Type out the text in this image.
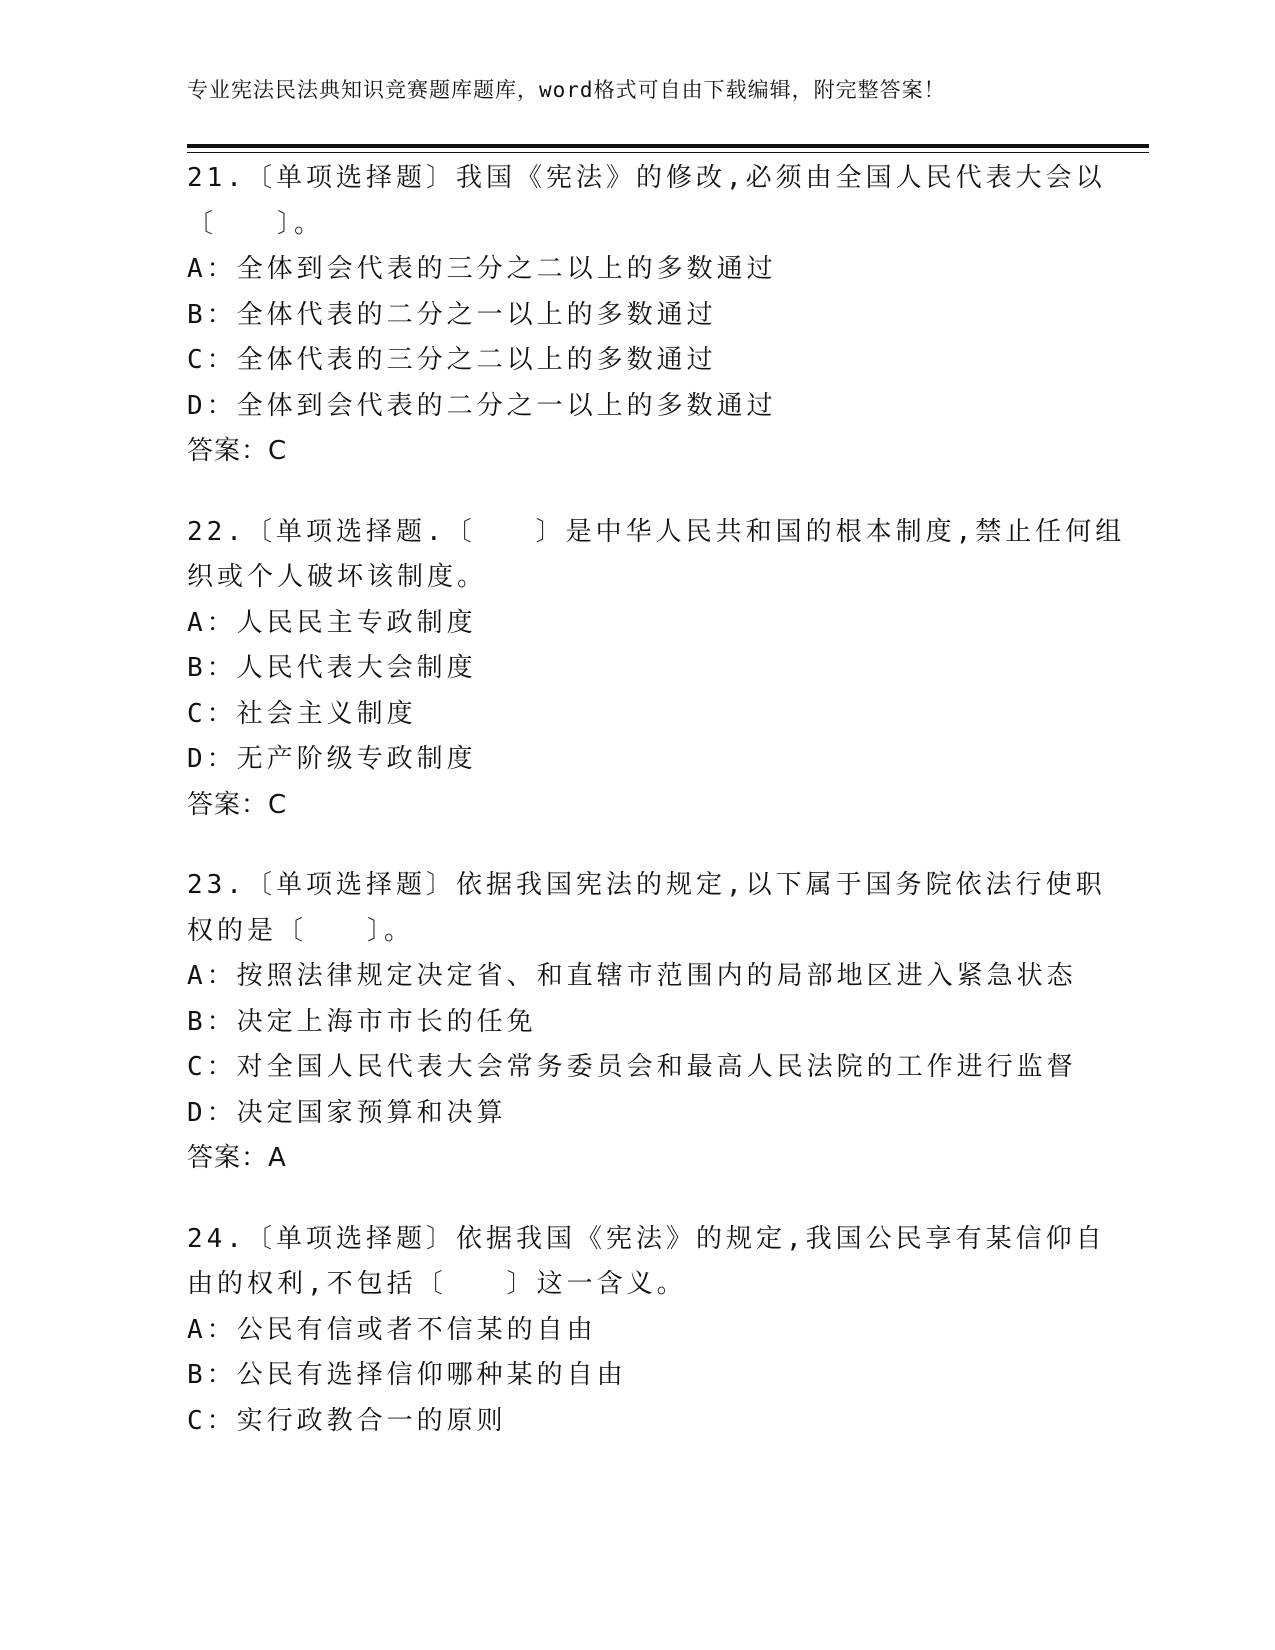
专业宪法民法典知识竞赛题库题库，word格式可自由下载编辑，附完整答案！
21.〔单项选择题〕我国《宪法》的修改,必须由全国人民代表大会以
〔　　〕。
A：全体到会代表的三分之二以上的多数通过
B：全体代表的二分之一以上的多数通过
C：全体代表的三分之二以上的多数通过
D：全体到会代表的二分之一以上的多数通过
答案：C
22.〔单项选择题.〔　　〕是中华人民共和国的根本制度,禁止任何组
织或个人破坏该制度。
A：人民民主专政制度
B：人民代表大会制度
C：社会主义制度
D：无产阶级专政制度
答案：C
23.〔单项选择题〕依据我国宪法的规定,以下属于国务院依法行使职
权的是〔　　〕。
A：按照法律规定决定省、和直辖市范围内的局部地区进入紧急状态
B：决定上海市市长的任免
C：对全国人民代表大会常务委员会和最高人民法院的工作进行监督
D：决定国家预算和决算
答案：A
24.〔单项选择题〕依据我国《宪法》的规定,我国公民享有某信仰自
由的权利,不包括〔　　〕这一含义。
A：公民有信或者不信某的自由
B：公民有选择信仰哪种某的自由
C：实行政教合一的原则
